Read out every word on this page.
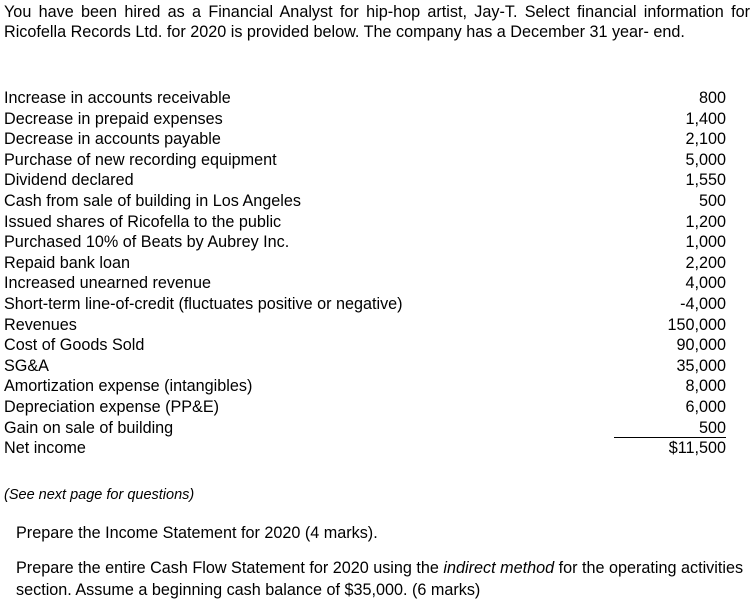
You have been hired as a Financial Analyst for hip-hop artist, Jay-T. Select financial information for Ricofella Records Ltd. for 2020 is provided below. The company has a December 31 year- end.

Increase in accounts receivable	800
Decrease in prepaid expenses	1,400
Decrease in accounts payable	2,100
Purchase of new recording equipment	5,000
Dividend declared	1,550
Cash from sale of building in Los Angeles	500
Issued shares of Ricofella to the public	1,200
Purchased 10% of Beats by Aubrey Inc.	1,000
Repaid bank loan	2,200
Increased unearned revenue	4,000
Short-term line-of-credit (fluctuates positive or negative)	-4,000
Revenues	150,000
Cost of Goods Sold	90,000
SG&A	35,000
Amortization expense (intangibles)	8,000
Depreciation expense (PP&E)	6,000
Gain on sale of building	500
Net income	$11,500

(See next page for questions)

Prepare the Income Statement for 2020 (4 marks).

Prepare the entire Cash Flow Statement for 2020 using the indirect method for the operating activities section. Assume a beginning cash balance of $35,000. (6 marks)
